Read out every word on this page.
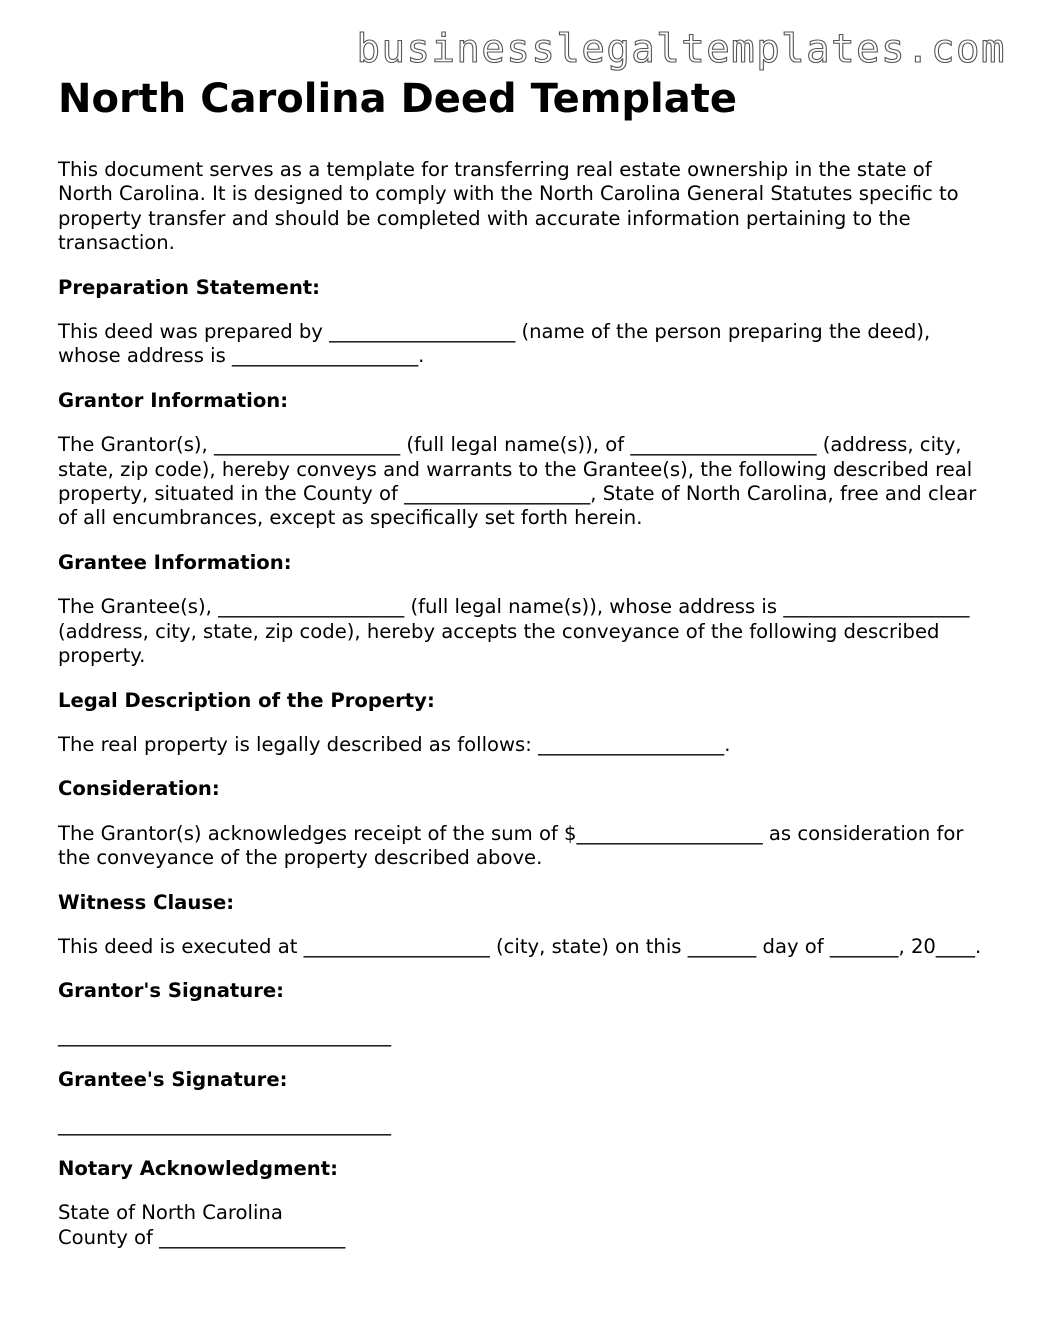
businesslegaltemplates.com
North Carolina Deed Template

This document serves as a template for transferring real estate ownership in the state of North Carolina. It is designed to comply with the North Carolina General Statutes specific to property transfer and should be completed with accurate information pertaining to the transaction.

Preparation Statement:

This deed was prepared by ___________________ (name of the person preparing the deed), whose address is ___________________.

Grantor Information:

The Grantor(s), ___________________ (full legal name(s)), of ___________________ (address, city, state, zip code), hereby conveys and warrants to the Grantee(s), the following described real property, situated in the County of ___________________, State of North Carolina, free and clear of all encumbrances, except as specifically set forth herein.

Grantee Information:

The Grantee(s), ___________________ (full legal name(s)), whose address is ___________________ (address, city, state, zip code), hereby accepts the conveyance of the following described property.

Legal Description of the Property:

The real property is legally described as follows: ___________________.

Consideration:

The Grantor(s) acknowledges receipt of the sum of $___________________ as consideration for the conveyance of the property described above.

Witness Clause:

This deed is executed at ___________________ (city, state) on this _______ day of _______, 20____.

Grantor's Signature:
__________________________________
Grantee's Signature:
__________________________________
Notary Acknowledgment:
State of North Carolina
County of ___________________
